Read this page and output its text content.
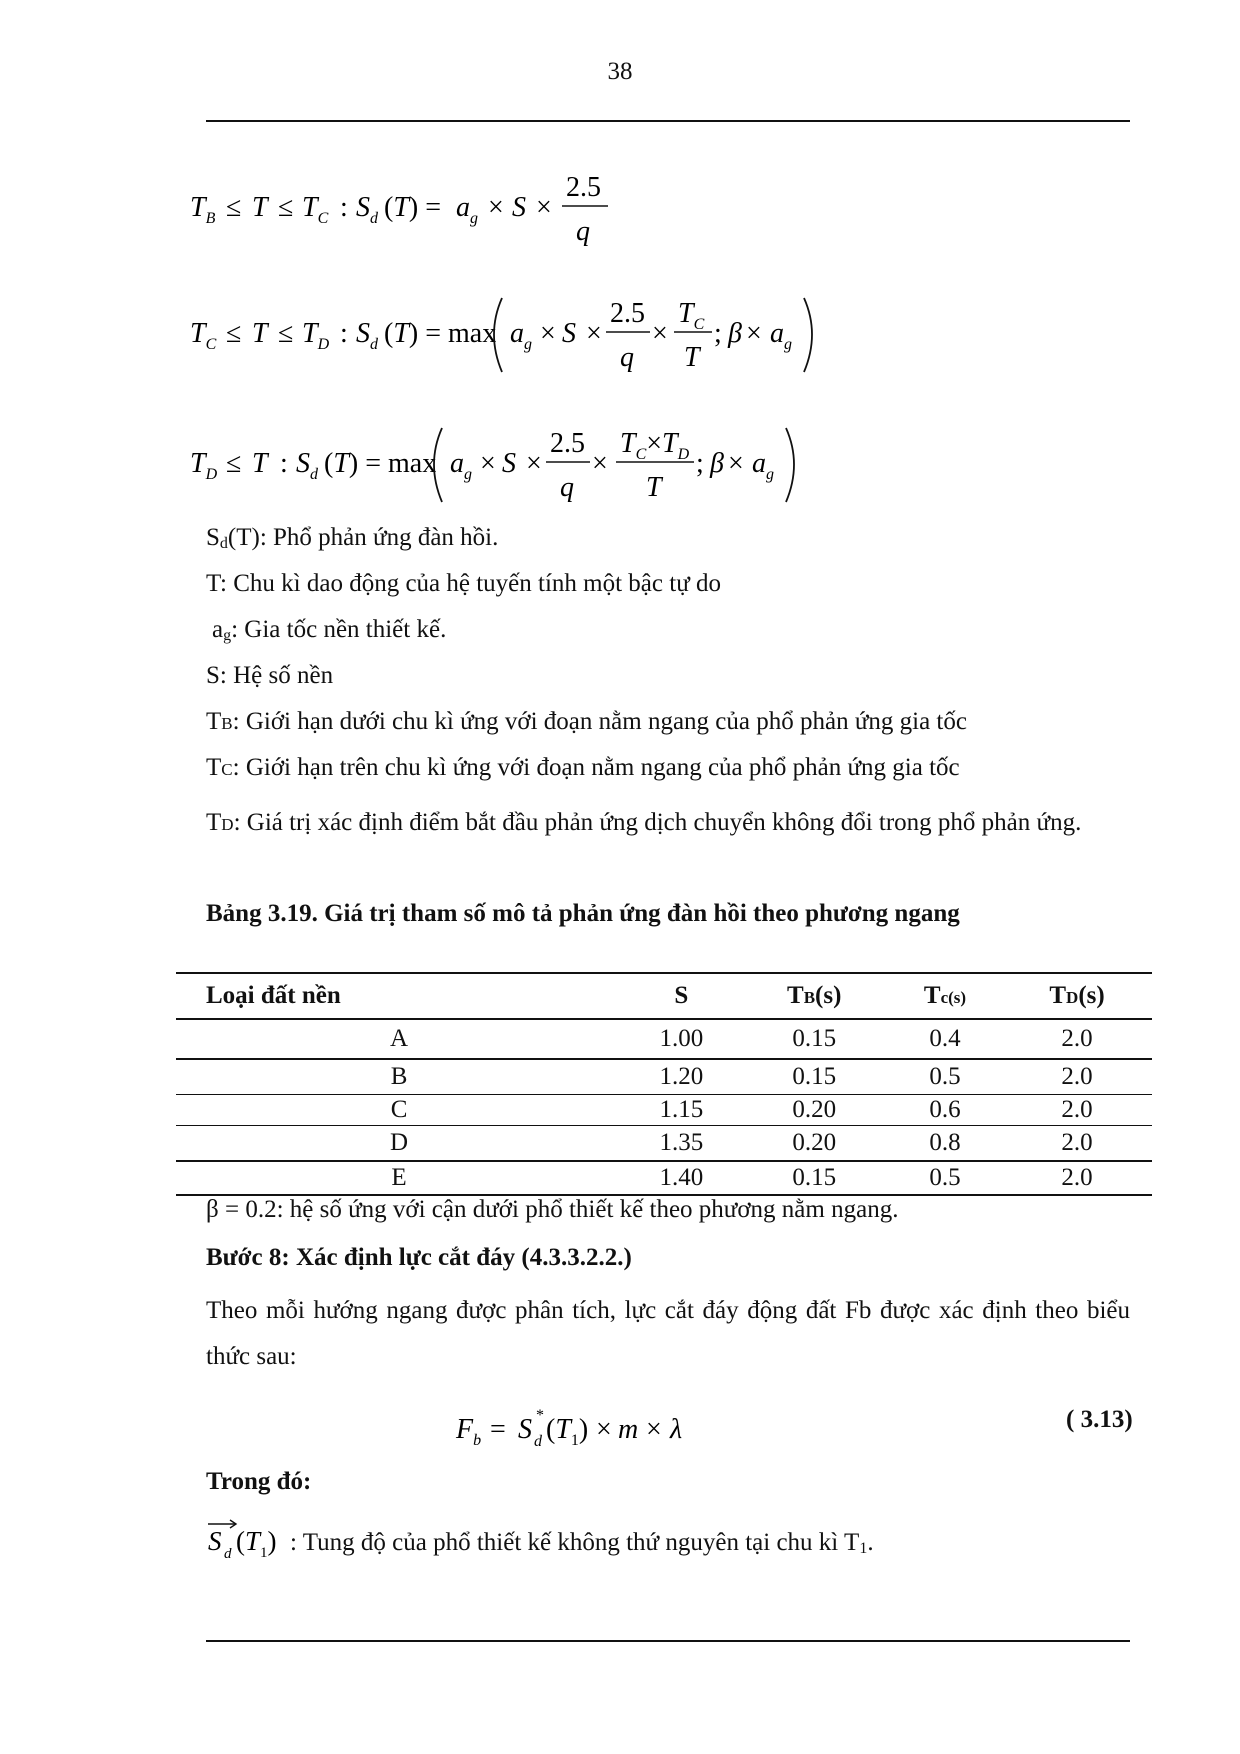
38
$T_B \le T \le T_C$ : $S_d$ $(T) = a_g \times S$ ×
2.5
q
$T_C \le T \le T_D$ : $S_d$ $(T) = \max a_g \times S$ ×
2.5
q
×
$T_C$
T
; $\beta \times a_g$
$T_D \le T$ : $S_d$ $(T) = \max a_g \times S$ ×
2.5
q
×
$T_C\times T_D$
T
; $\beta \times a_g$
$S_d(T)$: Phổ phản ứng đàn hồi.
T: Chu kì dao động của hệ tuyến tính một bậc tự do
$a_g$: Gia tốc nền thiết kế.
S: Hệ số nền
TB: Giới hạn dưới chu kì ứng với đoạn nằm ngang của phổ phản ứng gia tốc
TC: Giới hạn trên chu kì ứng với đoạn nằm ngang của phổ phản ứng gia tốc
TD: Giá trị xác định điểm bắt đầu phản ứng dịch chuyển không đổi trong phổ phản ứng.
Bảng 3.19. Giá trị tham số mô tả phản ứng đàn hồi theo phương ngang
Loại đất nền	S	TB(s)	Tc(s)	TD(s)
A	1.00	0.15	0.4	2.0
B	1.20	0.15	0.5	2.0
C	1.15	0.20	0.6	2.0
D	1.35	0.20	0.8	2.0
E	1.40	0.15	0.5	2.0
β = 0.2: hệ số ứng với cận dưới phổ thiết kế theo phương nằm ngang.
Bước 8: Xác định lực cắt đáy (4.3.3.2.2.)
Theo mỗi hướng ngang được phân tích, lực cắt đáy động đất Fb được xác định theo biểu thức sau:
$F_b = S$ *
d $(T_1) \times m \times \lambda$	( 3.13)
Trong đó:
S d $(T_1)$ : Tung độ của phổ thiết kế không thứ nguyên tại chu kì $T_1$.
